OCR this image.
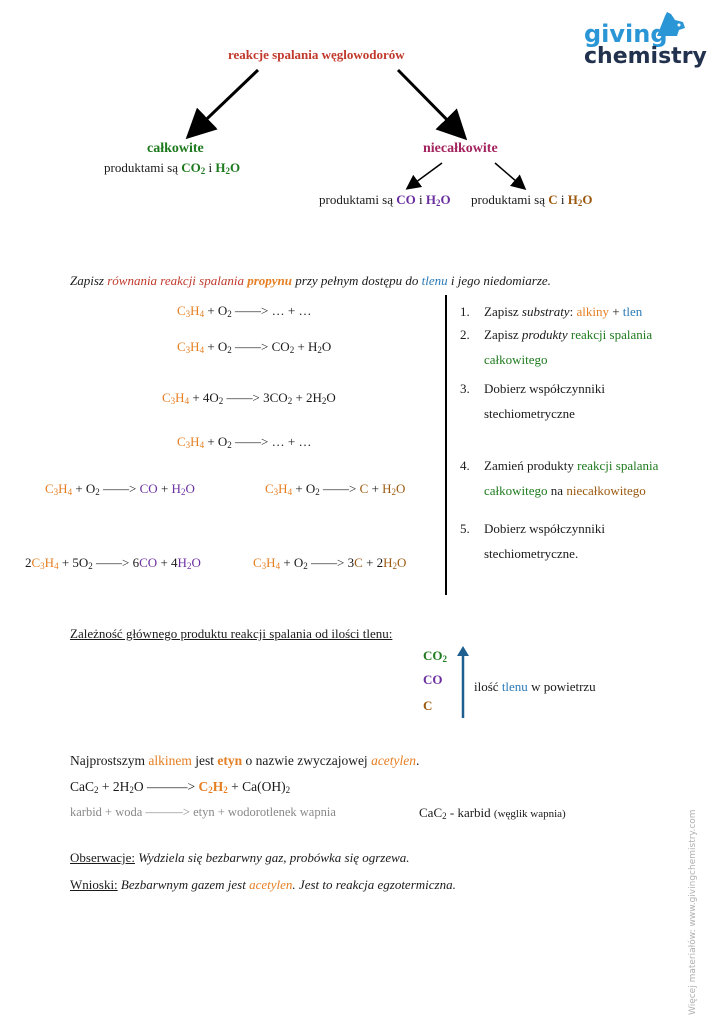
giving
chemistry
reakcje spalania węglowodorów
całkowite
produktami są $CO_2$ i $H_2O$
niecałkowite
produktami są CO i $H_2O$ produktami są C i $H_2O$
Zapisz równania reakcji spalania propynu przy pełnym dostępu do tlenu i jego niedomiarze.
$C_3H_4 + O_2$ ——> … + …
$C_3H_4 + O_2$ ——> $CO_2 + H_2O$
$C_3H_4 + 4O_2$ ——> $3CO_2 + 2H_2O$
$C_3H_4 + O_2$ ——> … + …
$C_3H_4 + O_2$ ——> CO + $H_2O$	$C_3H_4 + O_2$ ——> $C + H_2O$
$2C_3H_4 + 5O_2$ ——> $6CO + 4H_2O$	$C_3H_4 + O_2$ ——> $3C + 2H_2O$
1. Zapisz substraty: alkiny + tlen
2. Zapisz produkty reakcji spalania całkowitego
3. Dobierz współczynniki stechiometryczne
4. Zamień produkty reakcji spalania całkowitego na niecałkowitego
5. Dobierz współczynniki stechiometryczne.
Zależność głównego produktu reakcji spalania od ilości tlenu:
$CO_2$
CO
C
ilość tlenu w powietrzu
Najprostszym alkinem jest etyn o nazwie zwyczajowej acetylen.
$CaC_2 + 2H_2O$ ———> $C_2H_2 + Ca(OH)_2$
karbid + woda ———> etyn + wodorotlenek wapnia	CaC$_2$ - karbid (węglik wapnia)
Obserwacje: Wydziela się bezbarwny gaz, probówka się ogrzewa.
Wnioski: Bezbarwnym gazem jest acetylen. Jest to reakcja egzotermiczna.	Więcej materiałów: www.givingchemistry.com
